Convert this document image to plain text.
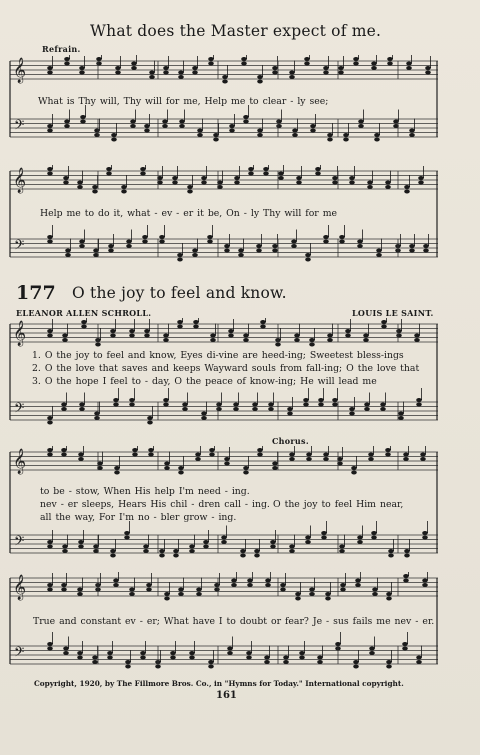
What does the Master expect of me.
Refrain.
𝄞
𝄢
What is Thy will, Thy will for me, Help me to clear - ly see;
𝄞
𝄢
Help me to do it, what - ev - er it be, On - ly Thy will for me
177 O the joy to feel and know.
ELEANOR ALLEN SCHROLL.	LOUIS LE SAINT.
𝄞
𝄢
1. O the joy to feel and know, Eyes di-vine are heed-ing; Sweetest bless-ings
2. O the love that saves and keeps Wayward souls from fall-ing; O the love that
3. O the hope I feel to - day, O the peace of know-ing; He will lead me
Chorus.
𝄞
𝄢
to be - stow, When His help I'm need - ing.
nev - er sleeps, Hears His chil - dren call - ing.
all the way, For I'm no - bler grow - ing.
O the joy to feel Him near,
𝄞
𝄢
True and constant ev - er; What have I to doubt or fear? Je - sus fails me nev - er.
Copyright, 1920, by The Fillmore Bros. Co., in "Hymns for Today." International copyright.
161
